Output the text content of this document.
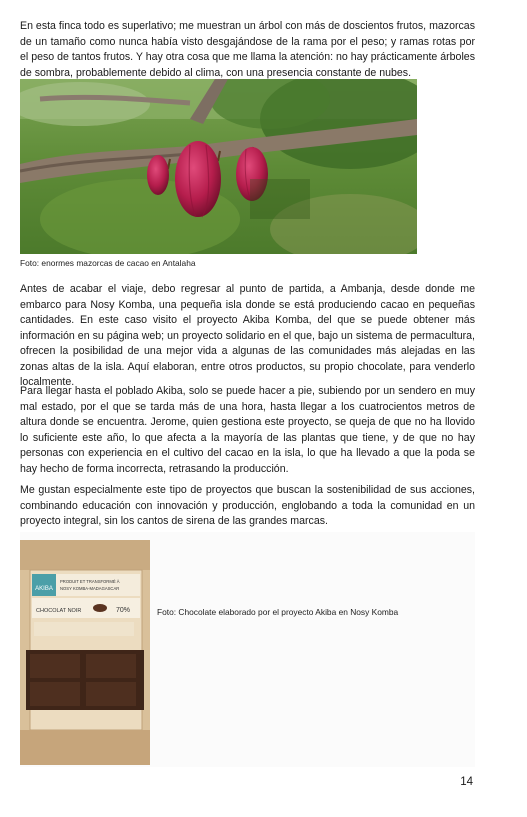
En esta finca todo es superlativo; me muestran un árbol con más de doscientos frutos, mazorcas de un tamaño como nunca había visto desgajándose de la rama por el peso; y ramas rotas por el peso de tantos frutos. Y hay otra cosa que me llama la atención: no hay prácticamente árboles de sombra, probablemente debido al clima, con una presencia constante de nubes.

Foto: enormes mazorcas de cacao en Antalaha

Antes de acabar el viaje, debo regresar al punto de partida, a Ambanja, desde donde me embarco para Nosy Komba, una pequeña isla donde se está produciendo cacao en pequeñas cantidades. En este caso visito el proyecto Akiba Komba, del que se puede obtener más información en su página web; un proyecto solidario en el que, bajo un sistema de permacultura, ofrecen la posibilidad de una mejor vida a algunas de las comunidades más alejadas en las zonas altas de la isla. Aquí elaboran, entre otros productos, su propio chocolate, para venderlo localmente.

Para llegar hasta el poblado Akiba, solo se puede hacer a pie, subiendo por un sendero en muy mal estado, por el que se tarda más de una hora, hasta llegar a los cuatrocientos metros de altura donde se encuentra. Jerome, quien gestiona este proyecto, se queja de que no ha llovido lo suficiente este año, lo que afecta a la mayoría de las plantas que tiene, y de que no hay personas con experiencia en el cultivo del cacao en la isla, lo que ha llevado a que la poda se hay hecho de forma incorrecta, retrasando la producción.

Me gustan especialmente este tipo de proyectos que buscan la sostenibilidad de sus acciones, combinando educación con innovación y producción, englobando a toda la comunidad en un proyecto integral, sin los cantos de sirena de las grandes marcas.

AKIBA
PRODUIT ET TRANSFORMÉ À
NOSY KOMBA-MADAGASCAR
CHOCOLAT NOIR	70%	Foto: Chocolate elaborado por el proyecto Akiba en Nosy Komba
14
